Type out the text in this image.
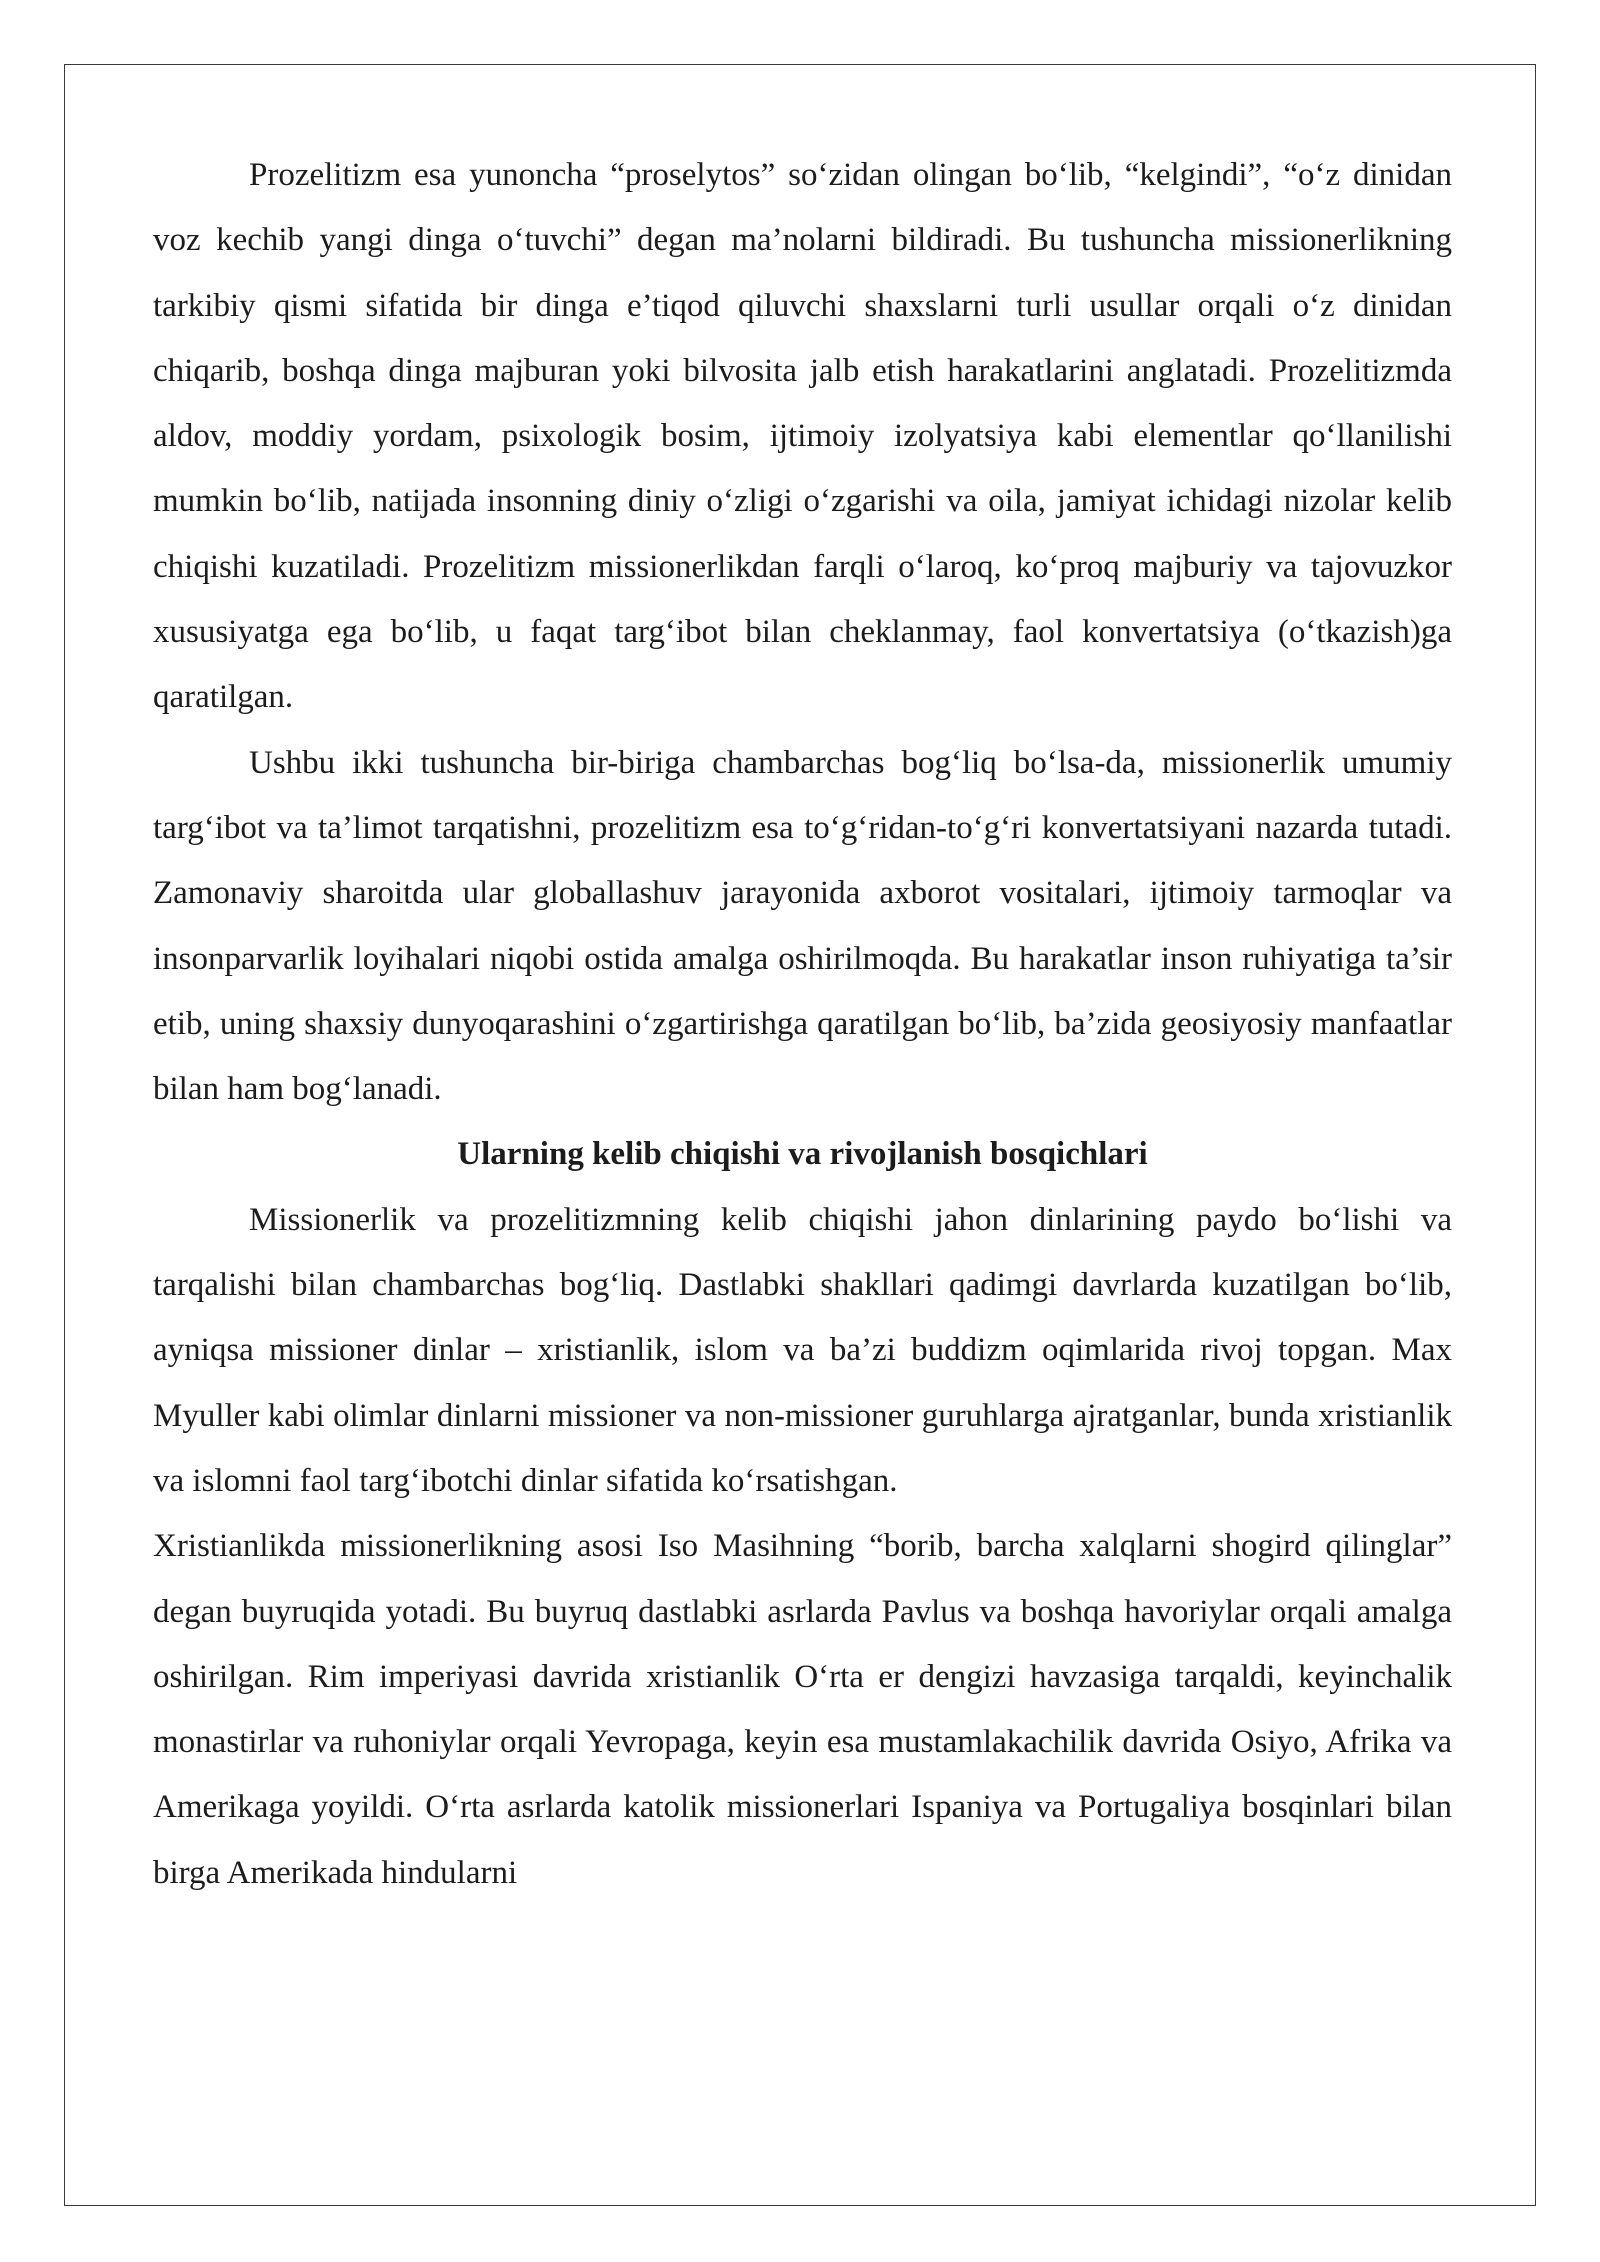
Prozelitizm esa yunoncha “proselytos” so‘zidan olingan bo‘lib, “kelgindi”, “o‘z dinidan voz kechib yangi dinga o‘tuvchi” degan ma’nolarni bildiradi. Bu tushuncha missionerlikning tarkibiy qismi sifatida bir dinga e’tiqod qiluvchi shaxslarni turli usullar orqali o‘z dinidan chiqarib, boshqa dinga majburan yoki bilvosita jalb etish harakatlarini anglatadi. Prozelitizmda aldov, moddiy yordam, psixologik bosim, ijtimoiy izolyatsiya kabi elementlar qo‘llanilishi mumkin bo‘lib, natijada insonning diniy o‘zligi o‘zgarishi va oila, jamiyat ichidagi nizolar kelib chiqishi kuzatiladi. Prozelitizm missionerlikdan farqli o‘laroq, ko‘proq majburiy va tajovuzkor xususiyatga ega bo‘lib, u faqat targ‘ibot bilan cheklanmay, faol konvertatsiya (o‘tkazish)ga qaratilgan.

Ushbu ikki tushuncha bir-biriga chambarchas bog‘liq bo‘lsa-da, missionerlik umumiy targ‘ibot va ta’limot tarqatishni, prozelitizm esa to‘g‘ridan-to‘g‘ri konvertatsiyani nazarda tutadi. Zamonaviy sharoitda ular globallashuv jarayonida axborot vositalari, ijtimoiy tarmoqlar va insonparvarlik loyihalari niqobi ostida amalga oshirilmoqda. Bu harakatlar inson ruhiyatiga ta’sir etib, uning shaxsiy dunyoqarashini o‘zgartirishga qaratilgan bo‘lib, ba’zida geosiyosiy manfaatlar bilan ham bog‘lanadi.

Ularning kelib chiqishi va rivojlanish bosqichlari

Missionerlik va prozelitizmning kelib chiqishi jahon dinlarining paydo bo‘lishi va tarqalishi bilan chambarchas bog‘liq. Dastlabki shakllari qadimgi davrlarda kuzatilgan bo‘lib, ayniqsa missioner dinlar – xristianlik, islom va ba’zi buddizm oqimlarida rivoj topgan. Max Myuller kabi olimlar dinlarni missioner va non-missioner guruhlarga ajratganlar, bunda xristianlik va islomni faol targ‘ibotchi dinlar sifatida ko‘rsatishgan.

Xristianlikda missionerlikning asosi Iso Masihning “borib, barcha xalqlarni shogird qilinglar” degan buyruqida yotadi. Bu buyruq dastlabki asrlarda Pavlus va boshqa havoriylar orqali amalga oshirilgan. Rim imperiyasi davrida xristianlik O‘rta er dengizi havzasiga tarqaldi, keyinchalik monastirlar va ruhoniylar orqali Yevropaga, keyin esa mustamlakachilik davrida Osiyo, Afrika va Amerikaga yoyildi. O‘rta asrlarda katolik missionerlari Ispaniya va Portugaliya bosqinlari bilan birga Amerikada hindularni
